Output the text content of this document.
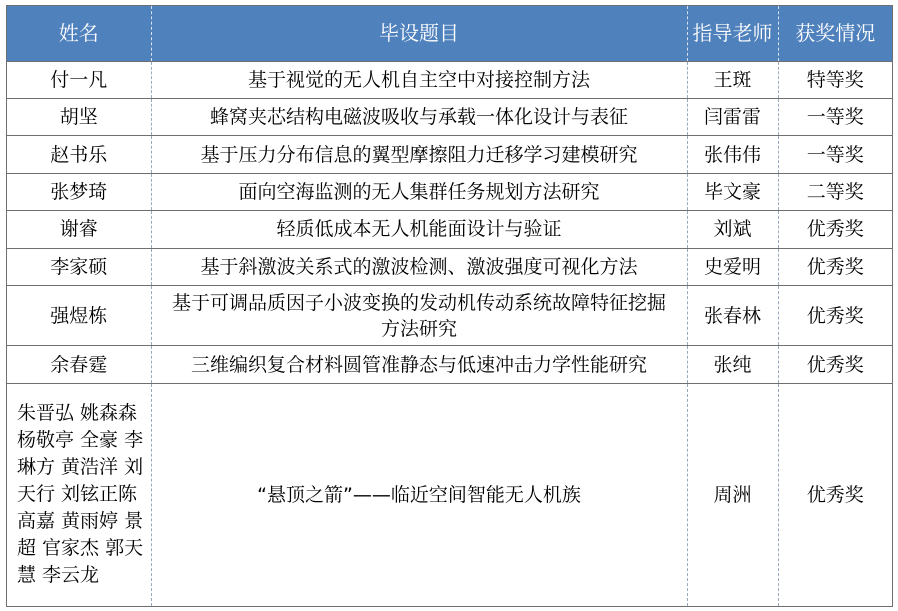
姓名	毕设题目	指导老师	获奖情况
付一凡	基于视觉的无人机自主空中对接控制方法	王斑	特等奖
胡坚	蜂窝夹芯结构电磁波吸收与承载一体化设计与表征	闫雷雷	一等奖
赵书乐	基于压力分布信息的翼型摩擦阻力迁移学习建模研究	张伟伟	一等奖
张梦琦	面向空海监测的无人集群任务规划方法研究	毕文豪	二等奖
谢睿	轻质低成本无人机能面设计与验证	刘斌	优秀奖
李家硕	基于斜激波关系式的激波检测、激波强度可视化方法	史爱明	优秀奖
强煜栋	基于可调品质因子小波变换的发动机传动系统故障特征挖掘方法研究	张春林	优秀奖
余春霆	三维编织复合材料圆管准静态与低速冲击力学性能研究	张纯	优秀奖
朱晋弘 姚森森 杨敬亭 全豪 李琳方 黄浩洋 刘天行 刘铉正陈高嘉 黄雨婷 景超 官家杰 郭天慧 李云龙	“悬顶之箭”——临近空间智能无人机族	周洲	优秀奖
